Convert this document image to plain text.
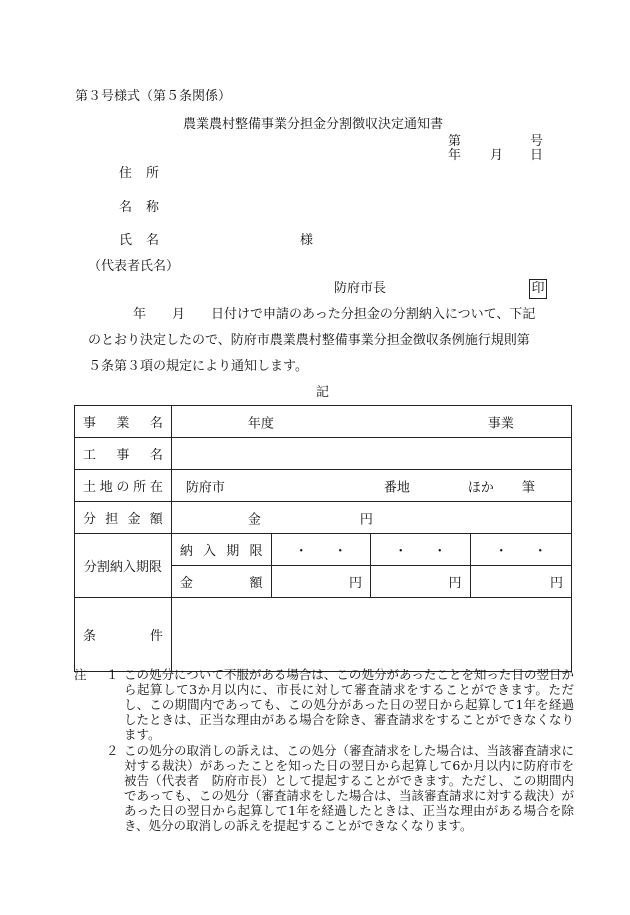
第３号様式（第５条関係）
農業農村整備事業分担金分割徴収決定通知書
第	号
年 月 日
住 所
名 称
氏 名	様
（代表者氏名）
防府市長	印
年　　月　　日付けで申請のあった分担金の分割納入について、下記
のとおり決定したので、防府市農業農村整備事業分担金徴収条例施行規則第
５条第３項の規定により通知します。
記
事 業 名	年度 事業			

工 事 名				

土 地 の 所 在	防府市 番地 ほか 筆			

分 担 金 額	金 円			

分割納入期限	納 入 期 限	・　　・	・　　・	・　　・

	金 額	円	円	円

条 件				

注	１ この処分について不服がある場合は、この処分があったことを知った日の翌日から起算して3か月以内に、市長に対して審査請求をすることができます。ただし、この期間内であっても、この処分があった日の翌日から起算して1年を経過したときは、正当な理由がある場合を除き、審査請求をすることができなくなります。
２ この処分の取消しの訴えは、この処分（審査請求をした場合は、当該審査請求に対する裁決）があったことを知った日の翌日から起算して6か月以内に防府市を被告（代表者　防府市長）として提起することができます。ただし、この期間内であっても、この処分（審査請求をした場合は、当該審査請求に対する裁決）があった日の翌日から起算して1年を経過したときは、正当な理由がある場合を除き、処分の取消しの訴えを提起することができなくなります。
